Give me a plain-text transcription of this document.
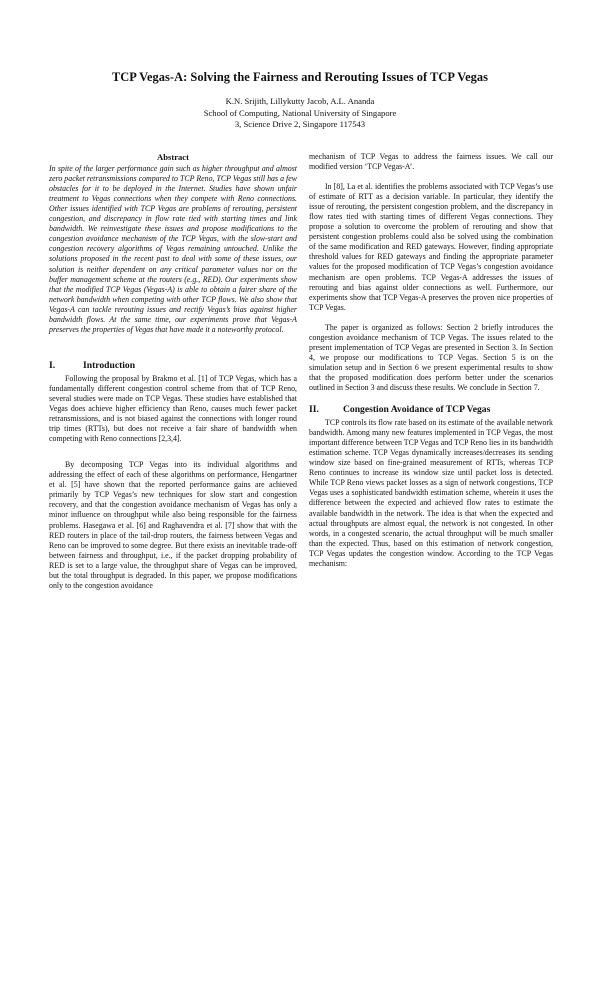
TCP Vegas-A: Solving the Fairness and Rerouting Issues of TCP Vegas
K.N. Srijith, Lillykutty Jacob, A.L. Ananda
School of Computing, National University of Singapore
3, Science Drive 2, Singapore 117543
Abstract

In spite of the larger performance gain such as higher throughput and almost zero packet retransmissions compared to TCP Reno, TCP Vegas still has a few obstacles for it to be deployed in the Internet. Studies have shown unfair treatment to Vegas connections when they compete with Reno connections. Other issues identified with TCP Vegas are problems of rerouting, persistent congestion, and discrepancy in flow rate tied with starting times and link bandwidth. We reinvestigate these issues and propose modifications to the congestion avoidance mechanism of the TCP Vegas, with the slow-start and congestion recovery algorithms of Vegas remaining untouched. Unlike the solutions proposed in the recent past to deal with some of these issues, our solution is neither dependent on any critical parameter values nor on the buffer management scheme at the routers (e.g., RED). Our experiments show that the modified TCP Vegas (Vegas-A) is able to obtain a fairer share of the network bandwidth when competing with other TCP flows. We also show that Vegas-A can tackle rerouting issues and rectify Vegas’s bias against higher bandwidth flows. At the same time, our experiments prove that Vegas-A preserves the properties of Vegas that have made it a noteworthy protocol.

I.	Introduction

Following the proposal by Brakmo et al. [1] of TCP Vegas, which has a fundamentally different congestion control scheme from that of TCP Reno, several studies were made on TCP Vegas. These studies have established that Vegas does achieve higher efficiency than Reno, causes much fewer packet retransmissions, and is not biased against the connections with longer round trip times (RTTs), but does not receive a fair share of bandwidth when competing with Reno connections [2,3,4].

By decomposing TCP Vegas into its individual algorithms and addressing the effect of each of these algorithms on performance, Hengartner et al. [5] have shown that the reported performance gains are achieved primarily by TCP Vegas’s new techniques for slow start and congestion recovery, and that the congestion avoidance mechanism of Vegas has only a minor influence on throughput while also being responsible for the fairness problems. Hasegawa et al. [6] and Raghavendra et al. [7] show that with the RED routers in place of the tail-drop routers, the fairness between Vegas and Reno can be improved to some degree. But there exists an inevitable trade-off between fairness and throughput, i.e., if the packet dropping probability of RED is set to a large value, the throughput share of Vegas can be improved, but the total throughput is degraded. In this paper, we propose modifications only to the congestion avoidance

mechanism of TCP Vegas to address the fairness issues. We call our modified version ‘TCP Vegas-A’.

In [8], La et al. identifies the problems associated with TCP Vegas’s use of estimate of RTT as a decision variable. In particular, they identify the issue of rerouting, the persistent congestion problem, and the discrepancy in flow rates tied with starting times of different Vegas connections. They propose a solution to overcome the problem of rerouting and show that persistent congestion problems could also be solved using the combination of the same modification and RED gateways. However, finding appropriate threshold values for RED gateways and finding the appropriate parameter values for the proposed modification of TCP Vegas’s congestion avoidance mechanism are open problems. TCP Vegas-A addresses the issues of rerouting and bias against older connections as well. Furthermore, our experiments show that TCP Vegas-A preserves the proven nice properties of TCP Vegas.

The paper is organized as follows: Section 2 briefly introduces the congestion avoidance mechanism of TCP Vegas. The issues related to the present implementation of TCP Vegas are presented in Section 3. In Section 4, we propose our modifications to TCP Vegas. Section 5 is on the simulation setup and in Section 6 we present experimental results to show that the proposed modification does perform better under the scenarios outlined in Section 3 and discuss these results. We conclude in Section 7.

II.	Congestion Avoidance of TCP Vegas

TCP controls its flow rate based on its estimate of the available network bandwidth. Among many new features implemented in TCP Vegas, the most important difference between TCP Vegas and TCP Reno lies in its bandwidth estimation scheme. TCP Vegas dynamically increases/decreases its sending window size based on fine-grained measurement of RTTs, whereas TCP Reno continues to increase its window size until packet loss is detected. While TCP Reno views packet losses as a sign of network congestions, TCP Vegas uses a sophisticated bandwidth estimation scheme, wherein it uses the difference between the expected and achieved flow rates to estimate the available bandwidth in the network. The idea is that when the expected and actual throughputs are almost equal, the network is not congested. In other words, in a congested scenario, the actual throughput will be much smaller than the expected. Thus, based on this estimation of network congestion, TCP Vegas updates the congestion window. According to the TCP Vegas mechanism:
